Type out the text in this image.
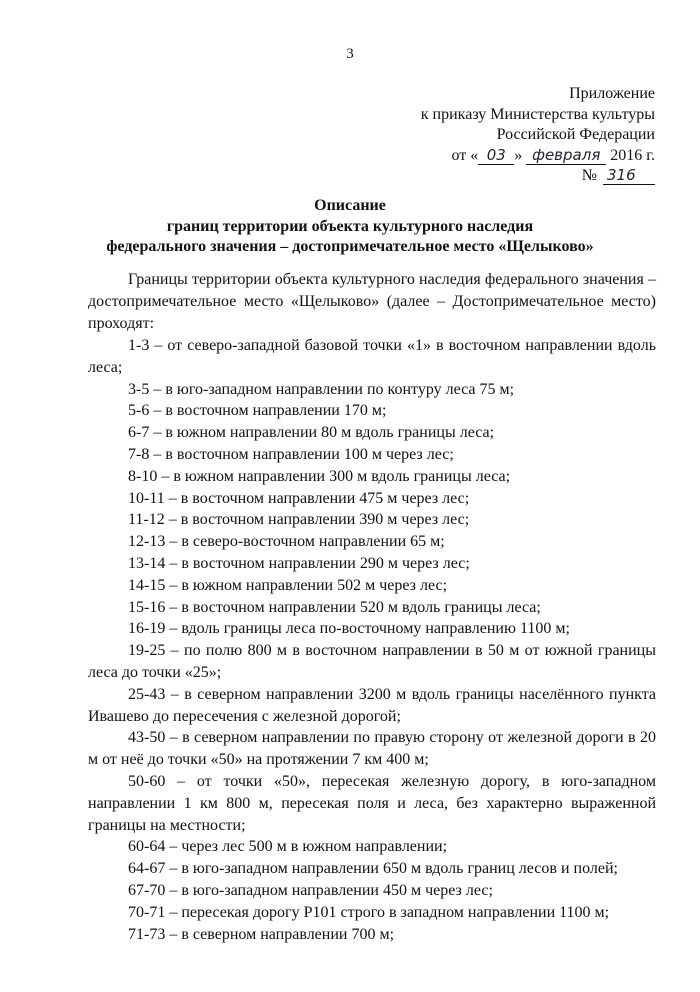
3
Приложение
к приказу Министерства культуры
Российской Федерации
от « 03 » февраля 2016 г.
№ 316
Описание
границ территории объекта культурного наследия
федерального значения – достопримечательное место «Щелыково»

Границы территории объекта культурного наследия федерального значения – достопримечательное место «Щелыково» (далее – Достопримечательное место) проходят:

1-3 – от северо-западной базовой точки «1» в восточном направлении вдоль леса;

3-5 – в юго-западном направлении по контуру леса 75 м;

5-6 – в восточном направлении 170 м;

6-7 – в южном направлении 80 м вдоль границы леса;

7-8 – в восточном направлении 100 м через лес;

8-10 – в южном направлении 300 м вдоль границы леса;

10-11 – в восточном направлении 475 м через лес;

11-12 – в восточном направлении 390 м через лес;

12-13 – в северо-восточном направлении 65 м;

13-14 – в восточном направлении 290 м через лес;

14-15 – в южном направлении 502 м через лес;

15-16 – в восточном направлении 520 м вдоль границы леса;

16-19 – вдоль границы леса по-восточному направлению 1100 м;

19-25 – по полю 800 м в восточном направлении в 50 м от южной границы леса до точки «25»;

25-43 – в северном направлении 3200 м вдоль границы населённого пункта Ивашево до пересечения с железной дорогой;

43-50 – в северном направлении по правую сторону от железной дороги в 20 м от неё до точки «50» на протяжении 7 км 400 м;

50-60 – от точки «50», пересекая железную дорогу, в юго-западном направлении 1 км 800 м, пересекая поля и леса, без характерно выраженной границы на местности;

60-64 – через лес 500 м в южном направлении;

64-67 – в юго-западном направлении 650 м вдоль границ лесов и полей;

67-70 – в юго-западном направлении 450 м через лес;

70-71 – пересекая дорогу Р101 строго в западном направлении 1100 м;

71-73 – в северном направлении 700 м;
